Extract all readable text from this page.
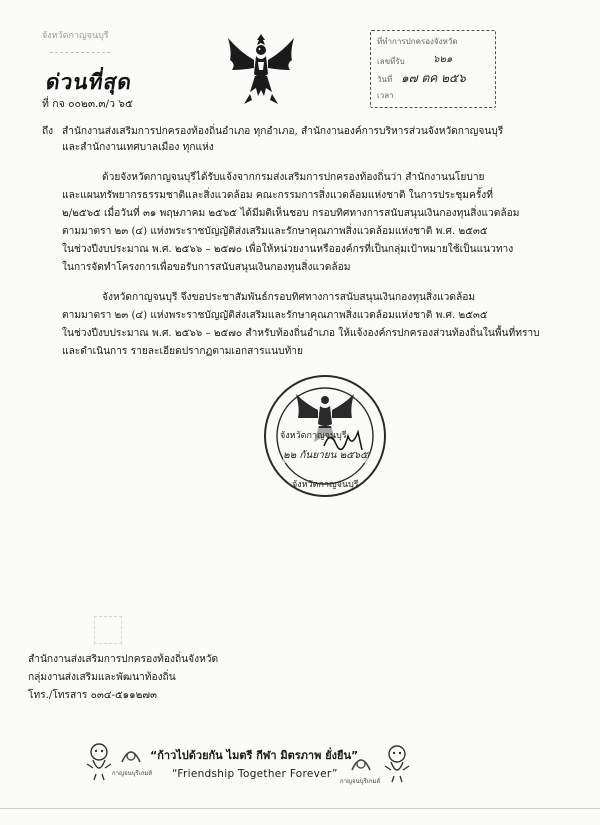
จังหวัดกาญจนบุรี
ด่วนที่สุด
ที่ กจ ๐๐๒๓.๓/ว ๖๕
ที่ทำการปกครองจังหวัด
เลขที่รับ	๖๒๑
วันที่ ๑๗ ตค ๒๕๖
เวลา
ถึง สำนักงานส่งเสริมการปกครองท้องถิ่นอำเภอ ทุกอำเภอ, สำนักงานองค์การบริหารส่วนจังหวัดกาญจนบุรี
และสำนักงานเทศบาลเมือง ทุกแห่ง
ด้วยจังหวัดกาญจนบุรีได้รับแจ้งจากกรมส่งเสริมการปกครองท้องถิ่นว่า สำนักงานนโยบาย
และแผนทรัพยากรธรรมชาติและสิ่งแวดล้อม คณะกรรมการสิ่งแวดล้อมแห่งชาติ ในการประชุมครั้งที่
๒/๒๕๖๕ เมื่อวันที่ ๓๑ พฤษภาคม ๒๕๖๕ ได้มีมติเห็นชอบ กรอบทิศทางการสนับสนุนเงินกองทุนสิ่งแวดล้อม
ตามมาตรา ๒๓ (๔) แห่งพระราชบัญญัติส่งเสริมและรักษาคุณภาพสิ่งแวดล้อมแห่งชาติ พ.ศ. ๒๕๓๕
ในช่วงปีงบประมาณ พ.ศ. ๒๕๖๖ – ๒๕๗๐ เพื่อให้หน่วยงานหรือองค์กรที่เป็นกลุ่มเป้าหมายใช้เป็นแนวทาง
ในการจัดทำโครงการเพื่อขอรับการสนับสนุนเงินกองทุนสิ่งแวดล้อม
จังหวัดกาญจนบุรี จึงขอประชาสัมพันธ์กรอบทิศทางการสนับสนุนเงินกองทุนสิ่งแวดล้อม
ตามมาตรา ๒๓ (๔) แห่งพระราชบัญญัติส่งเสริมและรักษาคุณภาพสิ่งแวดล้อมแห่งชาติ พ.ศ. ๒๕๓๕
ในช่วงปีงบประมาณ พ.ศ. ๒๕๖๖ – ๒๕๗๐ สำหรับท้องถิ่นอำเภอ ให้แจ้งองค์กรปกครองส่วนท้องถิ่นในพื้นที่ทราบ
และดำเนินการ รายละเอียดปรากฏตามเอกสารแนบท้าย
จังหวัดกาญจนบุรี
๒๒ กันยายน ๒๕๖๕
จังหวัดกาญจนบุรี
สำนักงานส่งเสริมการปกครองท้องถิ่นจังหวัด
กลุ่มงานส่งเสริมและพัฒนาท้องถิ่น
โทร./โทรสาร ๐๓๔-๕๑๑๒๗๓
กาญจนบุรีเกมส์
“ก้าวไปด้วยกัน ไมตรี กีฬา มิตรภาพ ยั่งยืน”
“Friendship Together Forever”
กาญจนบุรีเกมส์
